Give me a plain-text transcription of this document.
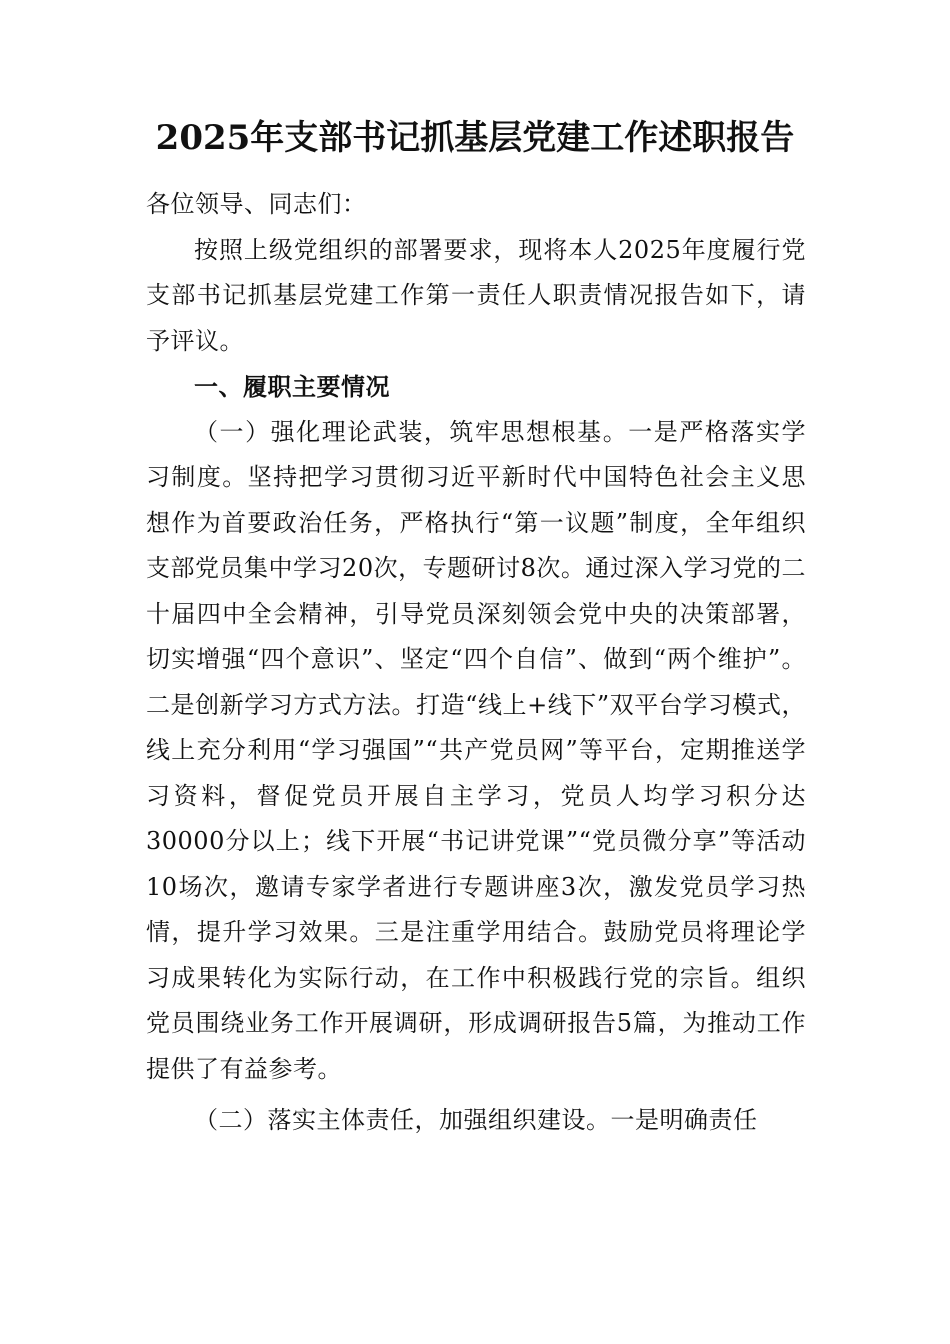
2025年支部书记抓基层党建工作述职报告

各位领导、同志们：

按照上级党组织的部署要求，现将本人2025年度履行党支部书记抓基层党建工作第一责任人职责情况报告如下，请予评议。

一、履职主要情况

（一）强化理论武装，筑牢思想根基。一是严格落实学习制度。坚持把学习贯彻习近平新时代中国特色社会主义思想作为首要政治任务，严格执行“第一议题”制度，全年组织支部党员集中学习20次，专题研讨8次。通过深入学习党的二十届四中全会精神，引导党员深刻领会党中央的决策部署，切实增强“四个意识”、坚定“四个自信”、做到“两个维护”。二是创新学习方式方法。打造“线上+线下”双平台学习模式，线上充分利用“学习强国”“共产党员网”等平台，定期推送学习资料，督促党员开展自主学习，党员人均学习积分达30000分以上；线下开展“书记讲党课”“党员微分享”等活动10场次，邀请专家学者进行专题讲座3次，激发党员学习热情，提升学习效果。三是注重学用结合。鼓励党员将理论学习成果转化为实际行动，在工作中积极践行党的宗旨。组织党员围绕业务工作开展调研，形成调研报告5篇，为推动工作提供了有益参考。

（二）落实主体责任，加强组织建设。一是明确责任
